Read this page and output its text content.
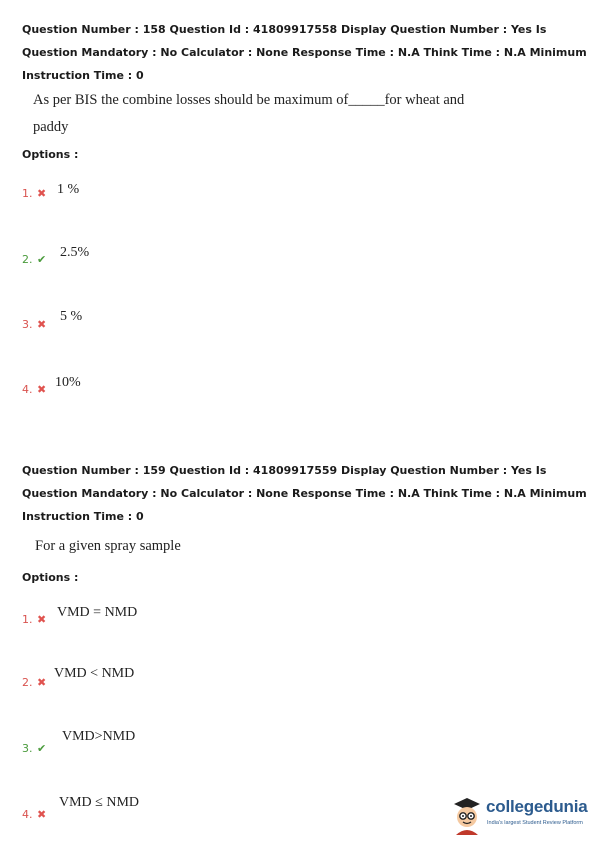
Question Number : 158 Question Id : 41809917558 Display Question Number : Yes Is Question Mandatory : No Calculator : None Response Time : N.A Think Time : N.A Minimum Instruction Time : 0
As per BIS the combine losses should be maximum of_____for wheat and
paddy
Options :
1. ✖ 1 %
2. ✔ 2.5%
3. ✖
5 %
4. ✖ 10%
Question Number : 159 Question Id : 41809917559 Display Question Number : Yes Is Question Mandatory : No Calculator : None Response Time : N.A Think Time : N.A Minimum Instruction Time : 0
For a given spray sample
Options :
1. ✖ VMD = NMD
2. ✖
VMD < NMD
3. ✔
VMD>NMD
4. ✖
VMD ≤ NMD	collegedunia
India's largest Student Review Platform
